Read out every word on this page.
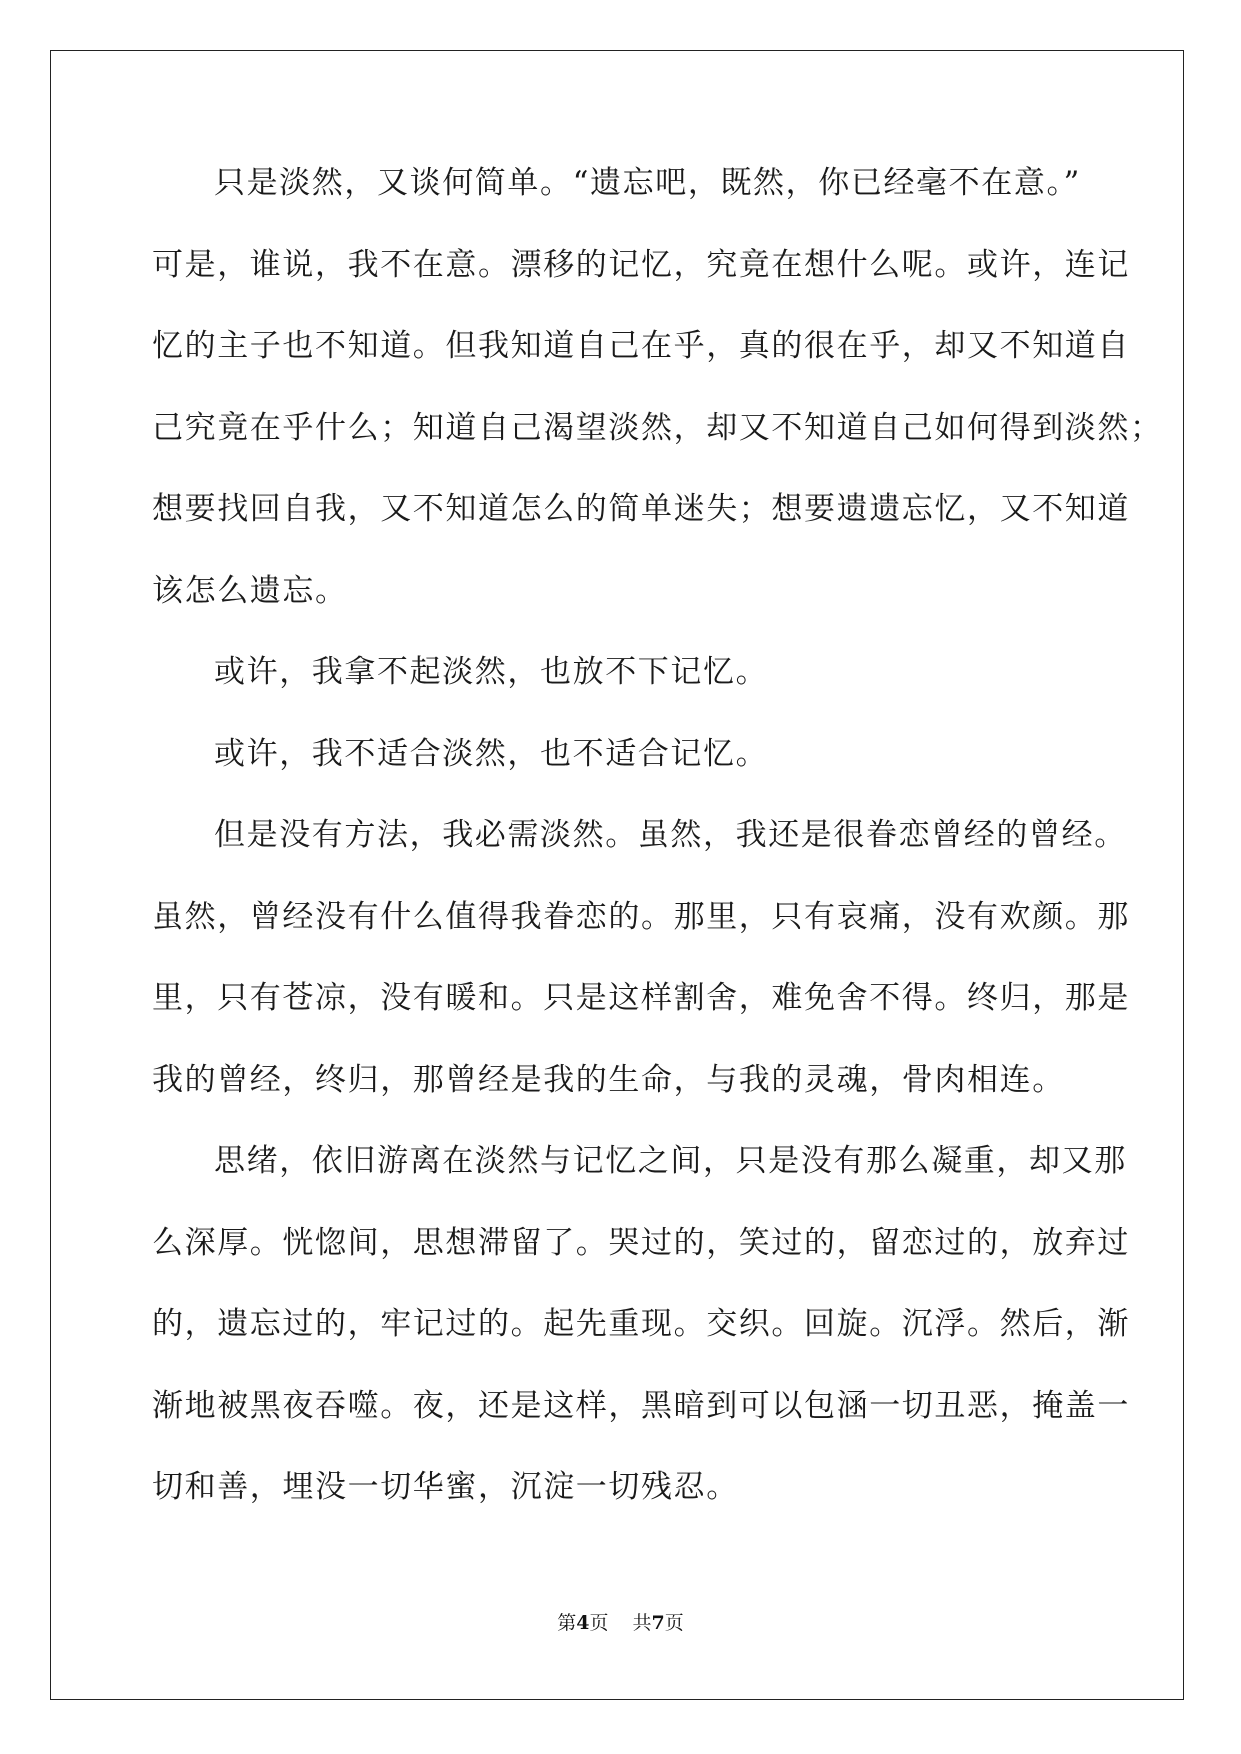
只是淡然，又谈何简单。“遗忘吧，既然，你已经毫不在意。”
可是，谁说，我不在意。漂移的记忆，究竟在想什么呢。或许，连记
忆的主子也不知道。但我知道自己在乎，真的很在乎，却又不知道自
己究竟在乎什么；知道自己渴望淡然，却又不知道自己如何得到淡然；
想要找回自我，又不知道怎么的简单迷失；想要遗遗忘忆，又不知道
该怎么遗忘。
或许，我拿不起淡然，也放不下记忆。
或许，我不适合淡然，也不适合记忆。
但是没有方法，我必需淡然。虽然，我还是很眷恋曾经的曾经。
虽然，曾经没有什么值得我眷恋的。那里，只有哀痛，没有欢颜。那
里，只有苍凉，没有暖和。只是这样割舍，难免舍不得。终归，那是
我的曾经，终归，那曾经是我的生命，与我的灵魂，骨肉相连。
思绪，依旧游离在淡然与记忆之间，只是没有那么凝重，却又那
么深厚。恍惚间，思想滞留了。哭过的，笑过的，留恋过的，放弃过
的，遗忘过的，牢记过的。起先重现。交织。回旋。沉浮。然后，渐
渐地被黑夜吞噬。夜，还是这样，黑暗到可以包涵一切丑恶，掩盖一
切和善，埋没一切华蜜，沉淀一切残忍。
第4页 共7页
